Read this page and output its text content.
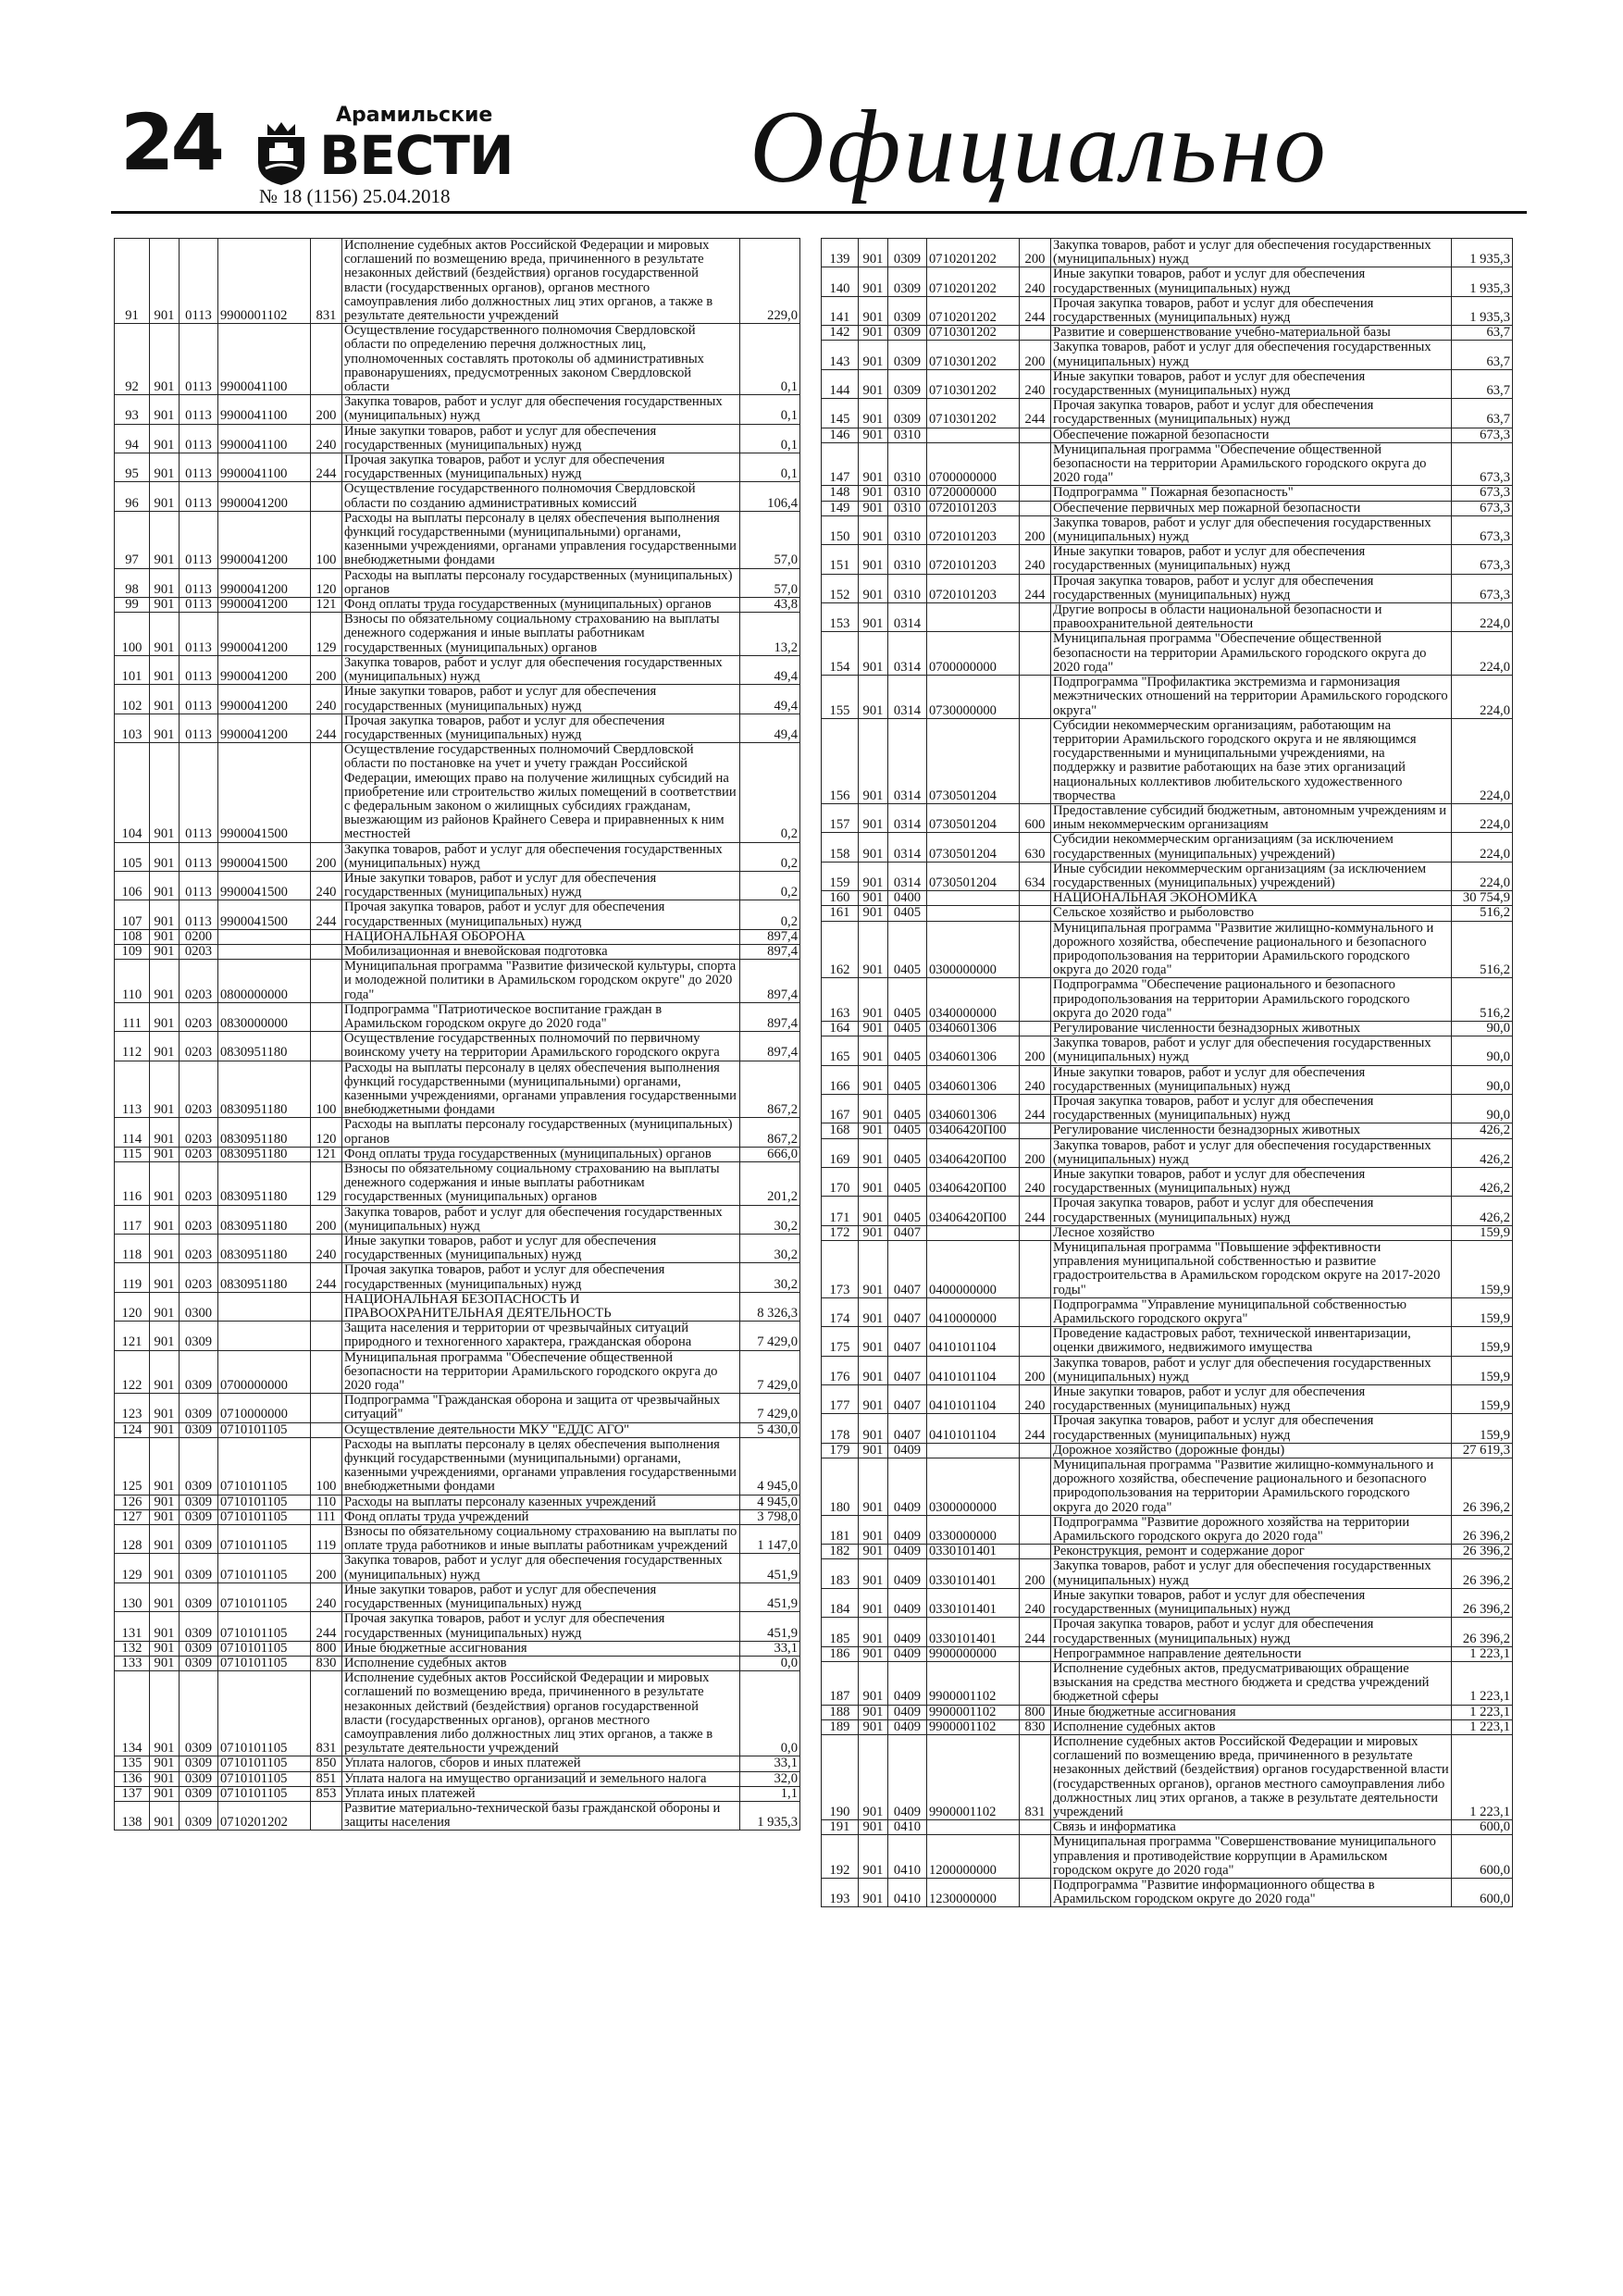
24	Арамильские
ВЕСТИ
№ 18 (1156) 25.04.2018	Официально
91	901	0113	9900001102	831	Исполнение судебных актов Российской Федерации и мировых соглашений по возмещению вреда, причиненного в результате незаконных действий (бездействия) органов государственной власти (государственных органов), органов местного самоуправления либо должностных лиц этих органов, а также в результате деятельности учреждений	229,0
92	901	0113	9900041100		Осуществление государственного полномочия Свердловской области по определению перечня должностных лиц, уполномоченных составлять протоколы об административных правонарушениях, предусмотренных законом Свердловской области	0,1
93	901	0113	9900041100	200	Закупка товаров, работ и услуг для обеспечения государственных (муниципальных) нужд	0,1
94	901	0113	9900041100	240	Иные закупки товаров, работ и услуг для обеспечения государственных (муниципальных) нужд	0,1
95	901	0113	9900041100	244	Прочая закупка товаров, работ и услуг для обеспечения государственных (муниципальных) нужд	0,1
96	901	0113	9900041200		Осуществление государственного полномочия Свердловской области по созданию административных комиссий	106,4
97	901	0113	9900041200	100	Расходы на выплаты персоналу в целях обеспечения выполнения функций государственными (муниципальными) органами, казенными учреждениями, органами управления государственными внебюджетными фондами	57,0
98	901	0113	9900041200	120	Расходы на выплаты персоналу государственных (муниципальных) органов	57,0
99	901	0113	9900041200	121	Фонд оплаты труда государственных (муниципальных) органов	43,8
100	901	0113	9900041200	129	Взносы по обязательному социальному страхованию на выплаты денежного содержания и иные выплаты работникам государственных (муниципальных) органов	13,2
101	901	0113	9900041200	200	Закупка товаров, работ и услуг для обеспечения государственных (муниципальных) нужд	49,4
102	901	0113	9900041200	240	Иные закупки товаров, работ и услуг для обеспечения государственных (муниципальных) нужд	49,4
103	901	0113	9900041200	244	Прочая закупка товаров, работ и услуг для обеспечения государственных (муниципальных) нужд	49,4
104	901	0113	9900041500		Осуществление государственных полномочий Свердловской области по постановке на учет и учету граждан Российской Федерации, имеющих право на получение жилищных субсидий на приобретение или строительство жилых помещений в соответствии с федеральным законом о жилищных субсидиях гражданам, выезжающим из районов Крайнего Севера и приравненных к ним местностей	0,2
105	901	0113	9900041500	200	Закупка товаров, работ и услуг для обеспечения государственных (муниципальных) нужд	0,2
106	901	0113	9900041500	240	Иные закупки товаров, работ и услуг для обеспечения государственных (муниципальных) нужд	0,2
107	901	0113	9900041500	244	Прочая закупка товаров, работ и услуг для обеспечения государственных (муниципальных) нужд	0,2
108	901	0200			НАЦИОНАЛЬНАЯ ОБОРОНА	897,4
109	901	0203			Мобилизационная и вневойсковая подготовка	897,4
110	901	0203	0800000000		Муниципальная программа "Развитие физической культуры, спорта и молодежной политики в Арамильском городском округе" до 2020 года"	897,4
111	901	0203	0830000000		Подпрограмма "Патриотическое воспитание граждан в Арамильском городском округе до 2020 года"	897,4
112	901	0203	0830951180		Осуществление государственных полномочий по первичному воинскому учету на территории Арамильского городского округа	897,4
113	901	0203	0830951180	100	Расходы на выплаты персоналу в целях обеспечения выполнения функций государственными (муниципальными) органами, казенными учреждениями, органами управления государственными внебюджетными фондами	867,2
114	901	0203	0830951180	120	Расходы на выплаты персоналу государственных (муниципальных) органов	867,2
115	901	0203	0830951180	121	Фонд оплаты труда государственных (муниципальных) органов	666,0
116	901	0203	0830951180	129	Взносы по обязательному социальному страхованию на выплаты денежного содержания и иные выплаты работникам государственных (муниципальных) органов	201,2
117	901	0203	0830951180	200	Закупка товаров, работ и услуг для обеспечения государственных (муниципальных) нужд	30,2
118	901	0203	0830951180	240	Иные закупки товаров, работ и услуг для обеспечения государственных (муниципальных) нужд	30,2
119	901	0203	0830951180	244	Прочая закупка товаров, работ и услуг для обеспечения государственных (муниципальных) нужд	30,2
120	901	0300			НАЦИОНАЛЬНАЯ БЕЗОПАСНОСТЬ И ПРАВООХРАНИТЕЛЬНАЯ ДЕЯТЕЛЬНОСТЬ	8 326,3
121	901	0309			Защита населения и территории от чрезвычайных ситуаций природного и техногенного характера, гражданская оборона	7 429,0
122	901	0309	0700000000		Муниципальная программа "Обеспечение общественной безопасности на территории Арамильского городского округа до 2020 года"	7 429,0
123	901	0309	0710000000		Подпрограмма "Гражданская оборона и защита от чрезвычайных ситуаций"	7 429,0
124	901	0309	0710101105		Осуществление деятельности МКУ "ЕДДС АГО"	5 430,0
125	901	0309	0710101105	100	Расходы на выплаты персоналу в целях обеспечения выполнения функций государственными (муниципальными) органами, казенными учреждениями, органами управления государственными внебюджетными фондами	4 945,0
126	901	0309	0710101105	110	Расходы на выплаты персоналу казенных учреждений	4 945,0
127	901	0309	0710101105	111	Фонд оплаты труда учреждений	3 798,0
128	901	0309	0710101105	119	Взносы по обязательному социальному страхованию на выплаты по оплате труда работников и иные выплаты работникам учреждений	1 147,0
129	901	0309	0710101105	200	Закупка товаров, работ и услуг для обеспечения государственных (муниципальных) нужд	451,9
130	901	0309	0710101105	240	Иные закупки товаров, работ и услуг для обеспечения государственных (муниципальных) нужд	451,9
131	901	0309	0710101105	244	Прочая закупка товаров, работ и услуг для обеспечения государственных (муниципальных) нужд	451,9
132	901	0309	0710101105	800	Иные бюджетные ассигнования	33,1
133	901	0309	0710101105	830	Исполнение судебных актов	0,0
134	901	0309	0710101105	831	Исполнение судебных актов Российской Федерации и мировых соглашений по возмещению вреда, причиненного в результате незаконных действий (бездействия) органов государственной власти (государственных органов), органов местного самоуправления либо должностных лиц этих органов, а также в результате деятельности учреждений	0,0
135	901	0309	0710101105	850	Уплата налогов, сборов и иных платежей	33,1
136	901	0309	0710101105	851	Уплата налога на имущество организаций и земельного налога	32,0
137	901	0309	0710101105	853	Уплата иных платежей	1,1
138	901	0309	0710201202		Развитие материально-технической базы гражданской обороны и защиты населения	1 935,3
139	901	0309	0710201202	200	Закупка товаров, работ и услуг для обеспечения государственных (муниципальных) нужд	1 935,3
140	901	0309	0710201202	240	Иные закупки товаров, работ и услуг для обеспечения государственных (муниципальных) нужд	1 935,3
141	901	0309	0710201202	244	Прочая закупка товаров, работ и услуг для обеспечения государственных (муниципальных) нужд	1 935,3
142	901	0309	0710301202		Развитие и совершенствование учебно-материальной базы	63,7
143	901	0309	0710301202	200	Закупка товаров, работ и услуг для обеспечения государственных (муниципальных) нужд	63,7
144	901	0309	0710301202	240	Иные закупки товаров, работ и услуг для обеспечения государственных (муниципальных) нужд	63,7
145	901	0309	0710301202	244	Прочая закупка товаров, работ и услуг для обеспечения государственных (муниципальных) нужд	63,7
146	901	0310			Обеспечение пожарной безопасности	673,3
147	901	0310	0700000000		Муниципальная программа "Обеспечение общественной безопасности на территории Арамильского городского округа до 2020 года"	673,3
148	901	0310	0720000000		Подпрограмма " Пожарная безопасность"	673,3
149	901	0310	0720101203		Обеспечение первичных мер пожарной безопасности	673,3
150	901	0310	0720101203	200	Закупка товаров, работ и услуг для обеспечения государственных (муниципальных) нужд	673,3
151	901	0310	0720101203	240	Иные закупки товаров, работ и услуг для обеспечения государственных (муниципальных) нужд	673,3
152	901	0310	0720101203	244	Прочая закупка товаров, работ и услуг для обеспечения государственных (муниципальных) нужд	673,3
153	901	0314			Другие вопросы в области национальной безопасности и правоохранительной деятельности	224,0
154	901	0314	0700000000		Муниципальная программа "Обеспечение общественной безопасности на территории Арамильского городского округа до 2020 года"	224,0
155	901	0314	0730000000		Подпрограмма "Профилактика экстремизма и гармонизация межэтнических отношений на территории Арамильского городского округа"	224,0
156	901	0314	0730501204		Субсидии некоммерческим организациям, работающим на территории Арамильского городского округа и не являющимся государственными и муниципальными учреждениями, на поддержку и развитие работающих на базе этих организаций национальных коллективов любительского художественного творчества	224,0
157	901	0314	0730501204	600	Предоставление субсидий бюджетным, автономным учреждениям и иным некоммерческим организациям	224,0
158	901	0314	0730501204	630	Субсидии некоммерческим организациям (за исключением государственных (муниципальных) учреждений)	224,0
159	901	0314	0730501204	634	Иные субсидии некоммерческим организациям (за исключением государственных (муниципальных) учреждений)	224,0
160	901	0400			НАЦИОНАЛЬНАЯ ЭКОНОМИКА	30 754,9
161	901	0405			Сельское хозяйство и рыболовство	516,2
162	901	0405	0300000000		Муниципальная программа "Развитие жилищно-коммунального и дорожного хозяйства, обеспечение рационального и безопасного природопользования на территории Арамильского городского округа до 2020 года"	516,2
163	901	0405	0340000000		Подпрограмма "Обеспечение рационального и безопасного природопользования на территории Арамильского городского округа до 2020 года"	516,2
164	901	0405	0340601306		Регулирование численности безнадзорных животных	90,0
165	901	0405	0340601306	200	Закупка товаров, работ и услуг для обеспечения государственных (муниципальных) нужд	90,0
166	901	0405	0340601306	240	Иные закупки товаров, работ и услуг для обеспечения государственных (муниципальных) нужд	90,0
167	901	0405	0340601306	244	Прочая закупка товаров, работ и услуг для обеспечения государственных (муниципальных) нужд	90,0
168	901	0405	03406420П00		Регулирование численности безнадзорных животных	426,2
169	901	0405	03406420П00	200	Закупка товаров, работ и услуг для обеспечения государственных (муниципальных) нужд	426,2
170	901	0405	03406420П00	240	Иные закупки товаров, работ и услуг для обеспечения государственных (муниципальных) нужд	426,2
171	901	0405	03406420П00	244	Прочая закупка товаров, работ и услуг для обеспечения государственных (муниципальных) нужд	426,2
172	901	0407			Лесное хозяйство	159,9
173	901	0407	0400000000		Муниципальная программа "Повышение эффективности управления муниципальной собственностью и развитие градостроительства в Арамильском городском округе на 2017-2020 годы"	159,9
174	901	0407	0410000000		Подпрограмма "Управление муниципальной собственностью Арамильского городского округа"	159,9
175	901	0407	0410101104		Проведение кадастровых работ, технической инвентаризации, оценки движимого, недвижимого имущества	159,9
176	901	0407	0410101104	200	Закупка товаров, работ и услуг для обеспечения государственных (муниципальных) нужд	159,9
177	901	0407	0410101104	240	Иные закупки товаров, работ и услуг для обеспечения государственных (муниципальных) нужд	159,9
178	901	0407	0410101104	244	Прочая закупка товаров, работ и услуг для обеспечения государственных (муниципальных) нужд	159,9
179	901	0409			Дорожное хозяйство (дорожные фонды)	27 619,3
180	901	0409	0300000000		Муниципальная программа "Развитие жилищно-коммунального и дорожного хозяйства, обеспечение рационального и безопасного природопользования на территории Арамильского городского округа до 2020 года"	26 396,2
181	901	0409	0330000000		Подпрограмма "Развитие дорожного хозяйства на территории Арамильского городского округа до 2020 года"	26 396,2
182	901	0409	0330101401		Реконструкция, ремонт и содержание дорог	26 396,2
183	901	0409	0330101401	200	Закупка товаров, работ и услуг для обеспечения государственных (муниципальных) нужд	26 396,2
184	901	0409	0330101401	240	Иные закупки товаров, работ и услуг для обеспечения государственных (муниципальных) нужд	26 396,2
185	901	0409	0330101401	244	Прочая закупка товаров, работ и услуг для обеспечения государственных (муниципальных) нужд	26 396,2
186	901	0409	9900000000		Непрограммное направление деятельности	1 223,1
187	901	0409	9900001102		Исполнение судебных актов, предусматривающих обращение взыскания на средства местного бюджета и средства учреждений бюджетной сферы	1 223,1
188	901	0409	9900001102	800	Иные бюджетные ассигнования	1 223,1
189	901	0409	9900001102	830	Исполнение судебных актов	1 223,1
190	901	0409	9900001102	831	Исполнение судебных актов Российской Федерации и мировых соглашений по возмещению вреда, причиненного в результате незаконных действий (бездействия) органов государственной власти (государственных органов), органов местного самоуправления либо должностных лиц этих органов, а также в результате деятельности учреждений	1 223,1
191	901	0410			Связь и информатика	600,0
192	901	0410	1200000000		Муниципальная программа "Совершенствование муниципального управления и противодействие коррупции в Арамильском городском округе до 2020 года"	600,0
193	901	0410	1230000000		Подпрограмма "Развитие информационного общества в Арамильском городском округе до 2020 года"	600,0
